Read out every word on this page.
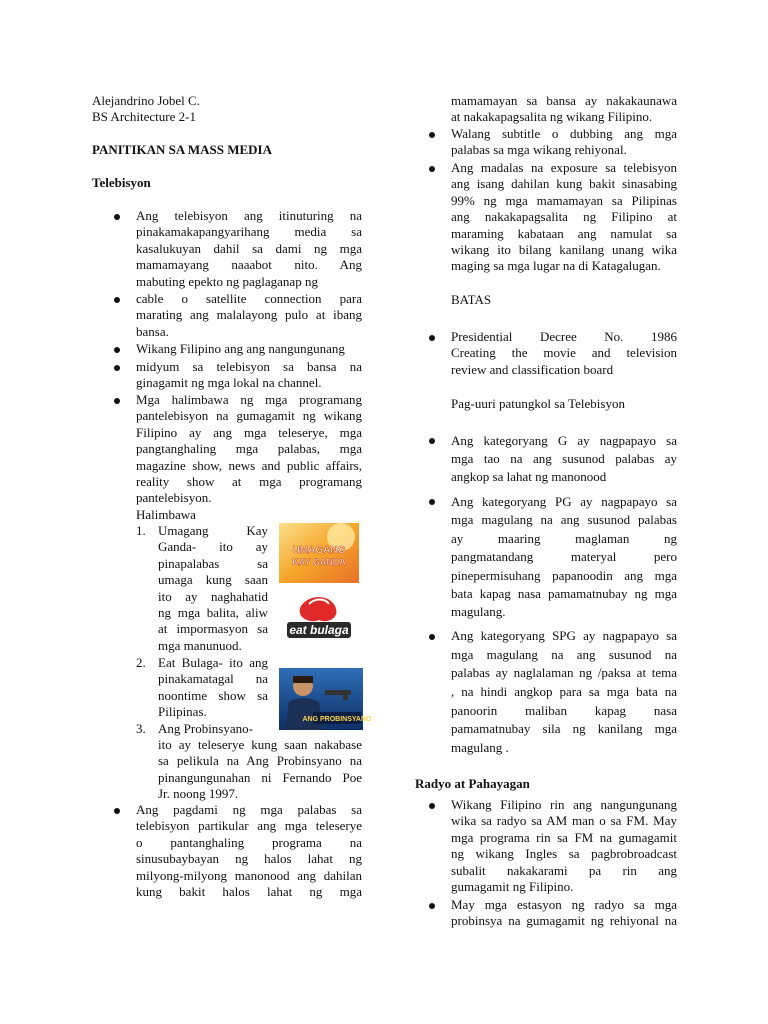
Alejandrino Jobel C.
BS Architecture 2-1
PANITIKAN SA MASS MEDIA
Telebisyon
Ang telebisyon ang itinuturing na
pinakamakapangyarihang media sa
kasalukuyan dahil sa dami ng mga
mamamayang naaabot nito. Ang
mabuting epekto ng paglaganap ng
cable o satellite connection para
marating ang malalayong pulo at ibang
bansa.
Wikang Filipino ang ang nangungunang
midyum sa telebisyon sa bansa na
ginagamit ng mga lokal na channel.
Mga halimbawa ng mga programang
pantelebisyon na gumagamit ng wikang
Filipino ay ang mga teleserye, mga
pangtanghaling mga palabas, mga
magazine show, news and public affairs,
reality show at mga programang
pantelebisyon.
Halimbawa
1. Umagang Kay
Ganda- ito ay
pinapalabas sa
umaga kung saan
ito ay naghahatid
ng mga balita, aliw
at impormasyon sa
mga manunuod.
2. Eat Bulaga- ito ang
pinakamatagal na
noontime show sa
Pilipinas.
3. Ang Probinsyano-
ito ay teleserye kung saan nakabase
sa pelikula na Ang Probinsyano na
pinangungunahan ni Fernando Poe
Jr. noong 1997.
Ang pagdami ng mga palabas sa
telebisyon partikular ang mga teleserye
o pantanghaling programa na
sinusubaybayan ng halos lahat ng
milyong-milyong manonood ang dahilan
kung bakit halos lahat ng mga
UMAGANG
KAY GANDA
eat bulaga
ANG PROBINSYANO
mamamayan sa bansa ay nakakaunawa
at nakakapagsalita ng wikang Filipino.
Walang subtitle o dubbing ang mga
palabas sa mga wikang rehiyonal.
Ang madalas na exposure sa telebisyon
ang isang dahilan kung bakit sinasabing
99% ng mga mamamayan sa Pilipinas
ang nakakapagsalita ng Filipino at
maraming kabataan ang namulat sa
wikang ito bilang kanilang unang wika
maging sa mga lugar na di Katagalugan.
BATAS
Presidential Decree No. 1986
Creating the movie and television
review and classification board
Pag-uuri patungkol sa Telebisyon
Ang kategoryang G ay nagpapayo sa
mga tao na ang susunod palabas ay
angkop sa lahat ng manonood
Ang kategoryang PG ay nagpapayo sa
mga magulang na ang susunod palabas
ay maaring maglaman ng
pangmatandang materyal pero
pinepermisuhang papanoodin ang mga
bata kapag nasa pamamatnubay ng mga
magulang.
Ang kategoryang SPG ay nagpapayo sa
mga magulang na ang susunod na
palabas ay naglalaman ng /paksa at tema
, na hindi angkop para sa mga bata na
panoorin maliban kapag nasa
pamamatnubay sila ng kanilang mga
magulang .
Radyo at Pahayagan
Wikang Filipino rin ang nangungunang
wika sa radyo sa AM man o sa FM. May
mga programa rin sa FM na gumagamit
ng wikang Ingles sa pagbrobroadcast
subalit nakakarami pa rin ang
gumagamit ng Filipino.
May mga estasyon ng radyo sa mga
probinsya na gumagamit ng rehiyonal na
